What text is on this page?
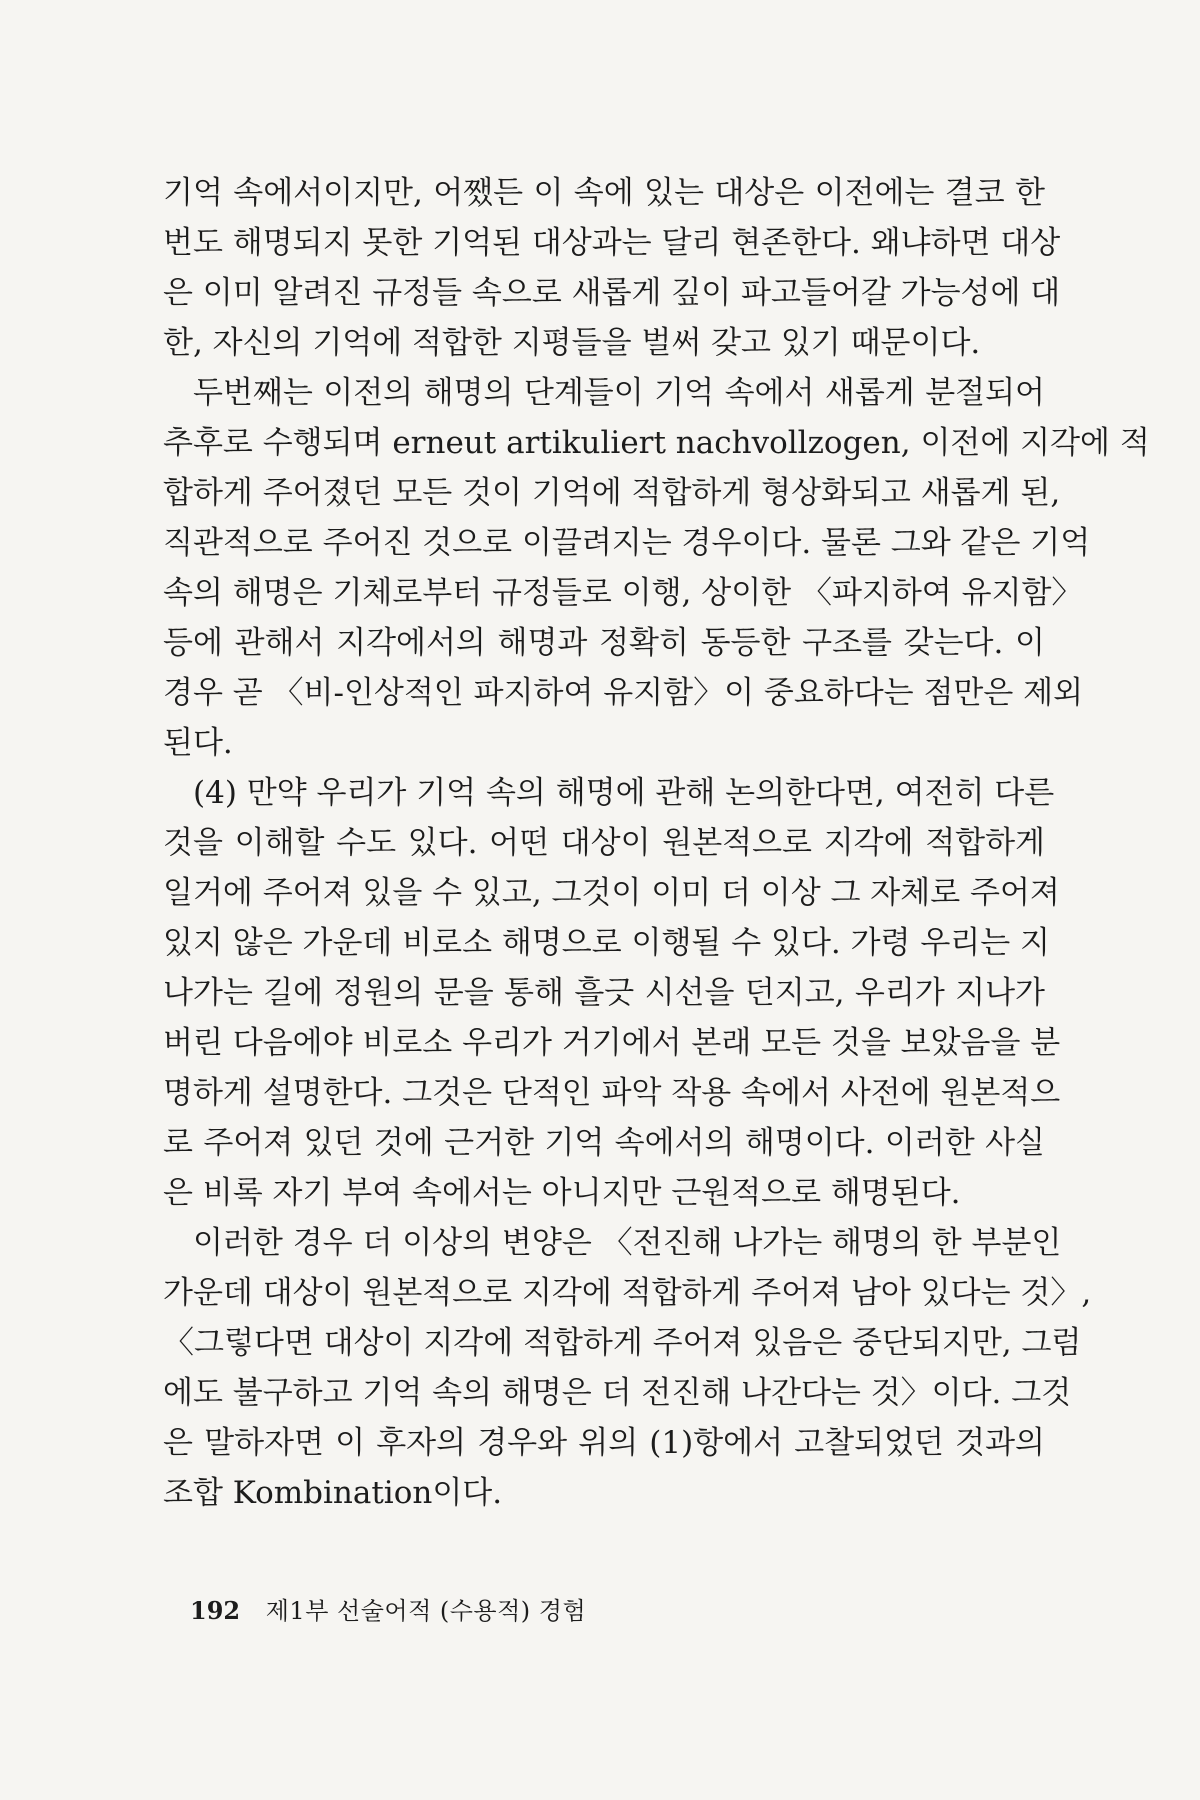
기억 속에서이지만, 어쨌든 이 속에 있는 대상은 이전에는 결코 한
번도 해명되지 못한 기억된 대상과는 달리 현존한다. 왜냐하면 대상
은 이미 알려진 규정들 속으로 새롭게 깊이 파고들어갈 가능성에 대
한, 자신의 기억에 적합한 지평들을 벌써 갖고 있기 때문이다.
두번째는 이전의 해명의 단계들이 기억 속에서 새롭게 분절되어
추후로 수행되며 erneut artikuliert nachvollzogen, 이전에 지각에 적
합하게 주어졌던 모든 것이 기억에 적합하게 형상화되고 새롭게 된,
직관적으로 주어진 것으로 이끌려지는 경우이다. 물론 그와 같은 기억
속의 해명은 기체로부터 규정들로 이행, 상이한 〈파지하여 유지함〉
등에 관해서 지각에서의 해명과 정확히 동등한 구조를 갖는다. 이
경우 곧 〈비-인상적인 파지하여 유지함〉이 중요하다는 점만은 제외
된다.
(4) 만약 우리가 기억 속의 해명에 관해 논의한다면, 여전히 다른
것을 이해할 수도 있다. 어떤 대상이 원본적으로 지각에 적합하게
일거에 주어져 있을 수 있고, 그것이 이미 더 이상 그 자체로 주어져
있지 않은 가운데 비로소 해명으로 이행될 수 있다. 가령 우리는 지
나가는 길에 정원의 문을 통해 흘긋 시선을 던지고, 우리가 지나가
버린 다음에야 비로소 우리가 거기에서 본래 모든 것을 보았음을 분
명하게 설명한다. 그것은 단적인 파악 작용 속에서 사전에 원본적으
로 주어져 있던 것에 근거한 기억 속에서의 해명이다. 이러한 사실
은 비록 자기 부여 속에서는 아니지만 근원적으로 해명된다.
이러한 경우 더 이상의 변양은 〈전진해 나가는 해명의 한 부분인
가운데 대상이 원본적으로 지각에 적합하게 주어져 남아 있다는 것〉,
〈그렇다면 대상이 지각에 적합하게 주어져 있음은 중단되지만, 그럼
에도 불구하고 기억 속의 해명은 더 전진해 나간다는 것〉이다. 그것
은 말하자면 이 후자의 경우와 위의 (1)항에서 고찰되었던 것과의
조합 Kombination이다.
192 제1부 선술어적 (수용적) 경험
